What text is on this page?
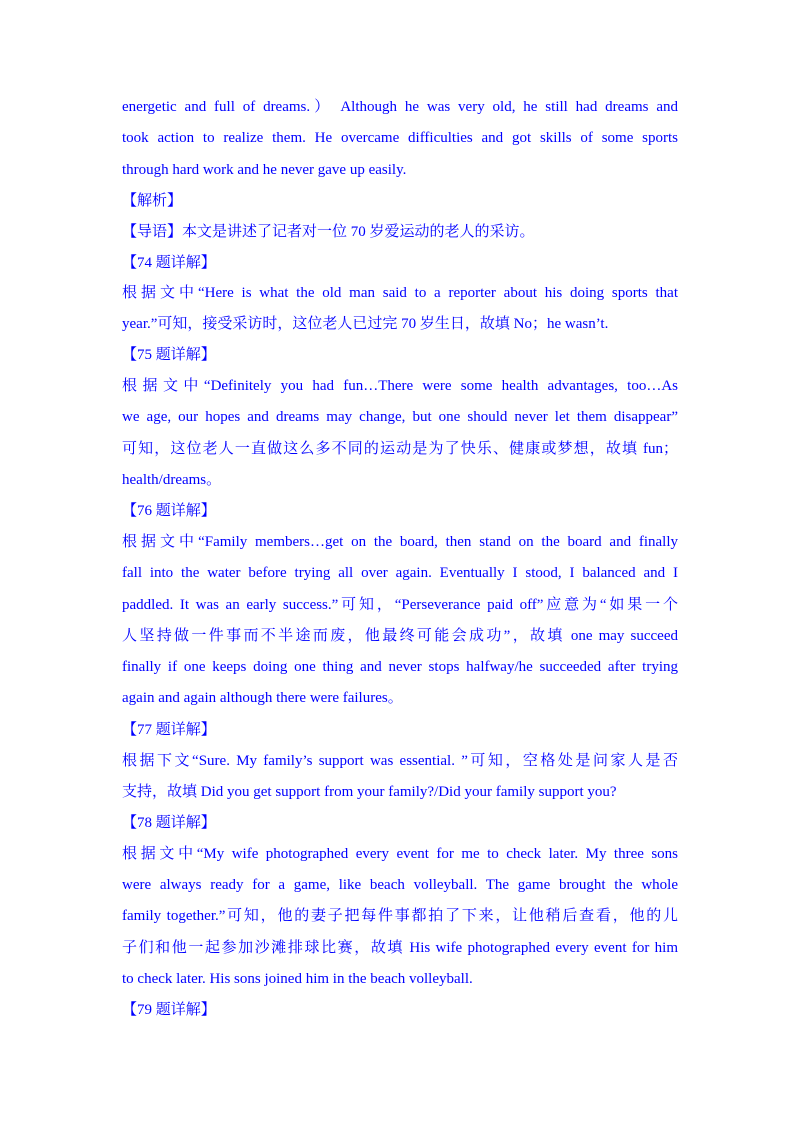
energetic and full of dreams.） Although he was very old, he still had dreams and
took action to realize them. He overcame difficulties and got skills of some sports
through hard work and he never gave up easily.
【解析】
【导语】本文是讲述了记者对一位 70 岁爱运动的老人的采访。
【74 题详解】
根据文中“Here is what the old man said to a reporter about his doing sports that
year.”可知，接受采访时，这位老人已过完 70 岁生日，故填 No；he wasn’t.
【75 题详解】
根据文中“Definitely you had fun…There were some health advantages, too…As
we age, our hopes and dreams may change, but one should never let them disappear”
可知，这位老人一直做这么多不同的运动是为了快乐、健康或梦想，故填 fun；
health/dreams。
【76 题详解】
根据文中“Family members…get on the board, then stand on the board and finally
fall into the water before trying all over again. Eventually I stood, I balanced and I
paddled. It was an early success.”可知，“Perseverance paid off”应意为“如果一个
人坚持做一件事而不半途而废，他最终可能会成功”，故填 one may succeed
finally if one keeps doing one thing and never stops halfway/he succeeded after trying
again and again although there were failures。
【77 题详解】
根据下文“Sure. My family’s support was essential. ”可知，空格处是问家人是否
支持，故填 Did you get support from your family?/Did your family support you?
【78 题详解】
根据文中“My wife photographed every event for me to check later. My three sons
were always ready for a game, like beach volleyball. The game brought the whole
family together.”可知，他的妻子把每件事都拍了下来，让他稍后查看，他的儿
子们和他一起参加沙滩排球比赛，故填 His wife photographed every event for him
to check later. His sons joined him in the beach volleyball.
【79 题详解】
